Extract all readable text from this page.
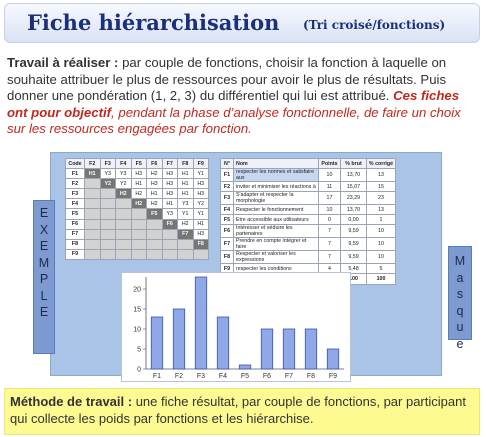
Fiche hiérarchisation (Tri croisé/fonctions)
Travail à réaliser : par couple de fonctions, choisir la fonction à laquelle on souhaite attribuer le plus de ressources pour avoir le plus de résultats. Puis donner une pondération (1, 2, 3) du différentiel qui lui est attribué. Ces fiches ont pour objectif, pendant la phase d’analyse fonctionnelle, de faire un choix sur les ressources engagées par fonction.
E
X
E
M
P
L
E
M
a
s
q
u
e
Code	F2	F3	F4	F5	F6	F7	F8	F9
F1	H1	Y3	Y3	H3	H2	H3	H1	Y1
F2		Y2	Y2	H1	H3	H3	H1	H3
F3			H2	H2	H1	H3	H1	H3
F4				H2	H2	H1	Y3	Y2
F5					F5	Y3	Y1	Y1
F6						F6	H2	H1
F7							F7	H3
F8								F8
F9								F9
N°	Nom	Points	% brut	% corrigé
F1	respecter les normes et satisfaire aux	10	13,70	13
F2	inviter et minimiser les réactions à	11	15,07	15
F3	S'adapter et respecter la morphologie	17	23,29	23
F4	Respecter le fonctionnement	10	13,70	13
F5	Etre accessible aux utilisateurs	0	0,00	1
F6	Intéresser et séduire les partenaires	7	9,59	10
F7	Prendre en compte intégrer et faire	7	9,59	10
F8	Respecter et valoriser les expressions	7	9,59	10
F9	respecter les conditions	4	5,48	5
	Totaux	73	100	100
0
5
10
15
20
F1 F2 F3 F4 F5 F6 F7 F8 F9
Méthode de travail : une fiche résultat, par couple de fonctions, par participant qui collecte les poids par fonctions et les hiérarchise.
